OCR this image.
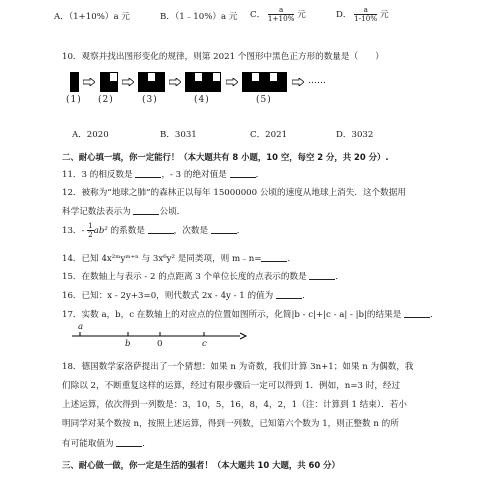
A．（1+10%）a 元	B．（1﹣10%）a 元 C． $\frac{a}{1+10\%}$ 元	D． $\frac{a}{1-10\%}$ 元
10．观察并找出图形变化的规律，则第 2021 个图形中黑色正方形的数量是（　　）
……
(1) (2)	(3)	(4)	(5)
A．2020	B．3031	C．2021	D．3032
二、耐心填一填，你一定能行！（本大题共有 8 小题，10 空，每空 2 分，共 20 分）.
11．3 的相反数是	，- 3 的绝对值是	．
12．被称为“地球之肺”的森林正以每年 15000000 公顷的速度从地球上消失．这个数据用
科学记数法表示为	公顷．
13．- $\frac{1}{2} ab^2$ 的系数是	，次数是	．
14．已知 4x²ᵐyᵐ⁺ⁿ 与 3x⁶y² 是同类项，则 m﹣n=	．
15．在数轴上与表示 - 2 的点距离 3 个单位长度的点表示的数是	．
16．已知：x - 2y+3=0，则代数式 2x - 4y - 1 的值为	．
17．实数 a，b，c 在数轴上的对应点的位置如图所示，化简|b - c|+|c - a| - |b|的结果是	．
a
b	0	c
18．德国数学家洛萨提出了一个猜想：如果 n 为奇数，我们计算 3n+1；如果 n 为偶数，我
们除以 2，不断重复这样的运算，经过有限步骤后一定可以得到 1．例如，n=3 时，经过
上述运算，依次得到一列数是：3，10，5，16，8，4，2，1（注：计算到 1 结束）．若小
明同学对某个数按 n，按照上述运算，得到一列数，已知第六个数为 1，则正整数 n 的所
有可能取值为	．
三、耐心做一做，你一定是生活的强者！（本大题共 10 大题，共 60 分）
